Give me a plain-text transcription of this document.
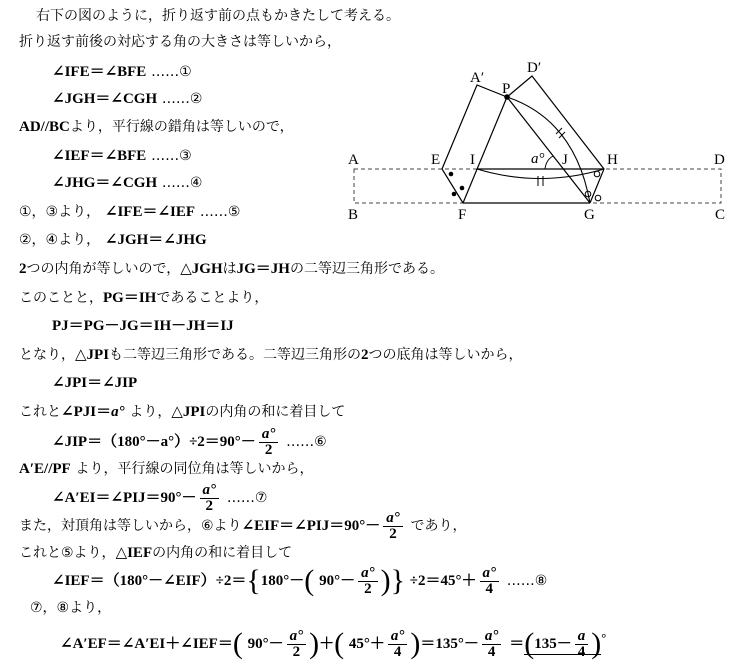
右下の図のように，折り返す前の点もかきたして考える。
折り返す前後の対応する角の大きさは等しいから，
∠IFE＝∠BFE ……①
∠JGH＝∠CGH ……②
AD//BCより，平行線の錯角は等しいので，
∠IEF＝∠BFE ……③
∠JHG＝∠CGH ……④
①，③より， ∠IFE＝∠IEF ……⑤
②，④より， ∠JGH＝∠JHG
2つの内角が等しいので，△JGHはJG＝JHの二等辺三角形である。
このことと，PG＝IHであることより，
PJ＝PG－JG＝IH－JH＝IJ
となり，△JPIも二等辺三角形である。二等辺三角形の2つの底角は等しいから，
∠JPI＝∠JIP
これと∠PJI＝a° より，△JPIの内角の和に着目して
∠JIP＝（180°－a°）÷2＝90°－ $\frac{a^\circ}{2}$ ……⑥
A′E//PF より，平行線の同位角は等しいから，
∠A′EI＝∠PIJ＝90°－ $\frac{a^\circ}{2}$ ……⑦
また，対頂角は等しいから，⑥より∠EIF＝∠PIJ＝90°－ $\frac{a^\circ}{2}$ であり，
これと⑤より，△IEFの内角の和に着目して
∠IEF＝（180°－∠EIF）÷2＝{180°－( $90^\circ- \frac{a^\circ}{2}$ )} $\div 2=45^\circ+ \frac{a^\circ}{4}$ ……⑧
⑦，⑧より，
∠A′EF＝∠A′EI＋∠IEF＝( $90^\circ- \frac{a^\circ}{2}$ )＋( $45^\circ+ \frac{a^\circ}{4} )=135^\circ- \frac{a^\circ}{4} =(135- \frac{a}{4} )^\circ$
A
B	C
D
E I	J	H
F	G
P
A′
D′
a°
